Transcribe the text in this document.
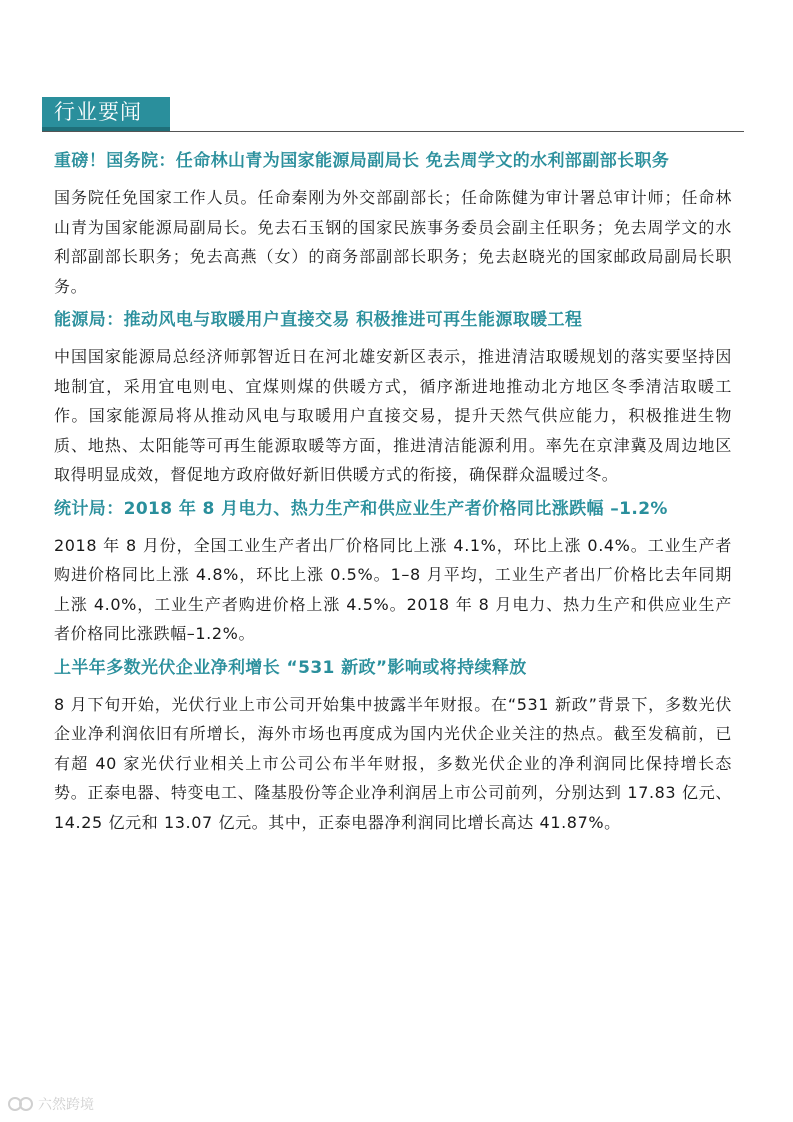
行业要闻
重磅！国务院：任命林山青为国家能源局副局长 免去周学文的水利部副部长职务
国务院任免国家工作人员。任命秦刚为外交部副部长；任命陈健为审计署总审计师；任命林山青为国家能源局副局长。免去石玉钢的国家民族事务委员会副主任职务；免去周学文的水利部副部长职务；免去高燕（女）的商务部副部长职务；免去赵晓光的国家邮政局副局长职务。
能源局：推动风电与取暖用户直接交易 积极推进可再生能源取暖工程
中国国家能源局总经济师郭智近日在河北雄安新区表示，推进清洁取暖规划的落实要坚持因地制宜，采用宜电则电、宜煤则煤的供暖方式，循序渐进地推动北方地区冬季清洁取暖工作。国家能源局将从推动风电与取暖用户直接交易，提升天然气供应能力，积极推进生物质、地热、太阳能等可再生能源取暖等方面，推进清洁能源利用。率先在京津冀及周边地区取得明显成效，督促地方政府做好新旧供暖方式的衔接，确保群众温暖过冬。
统计局：2018 年 8 月电力、热力生产和供应业生产者价格同比涨跌幅 –1.2%
2018 年 8 月份，全国工业生产者出厂价格同比上涨 4.1%，环比上涨 0.4%。工业生产者购进价格同比上涨 4.8%，环比上涨 0.5%。1–8 月平均，工业生产者出厂价格比去年同期上涨 4.0%，工业生产者购进价格上涨 4.5%。2018 年 8 月电力、热力生产和供应业生产者价格同比涨跌幅–1.2%。
上半年多数光伏企业净利增长 “531 新政”影响或将持续释放
8 月下旬开始，光伏行业上市公司开始集中披露半年财报。在“531 新政”背景下，多数光伏企业净利润依旧有所增长，海外市场也再度成为国内光伏企业关注的热点。截至发稿前，已有超 40 家光伏行业相关上市公司公布半年财报，多数光伏企业的净利润同比保持增长态势。正泰电器、特变电工、隆基股份等企业净利润居上市公司前列，分别达到 17.83 亿元、14.25 亿元和 13.07 亿元。其中，正泰电器净利润同比增长高达 41.87%。
六然跨境
